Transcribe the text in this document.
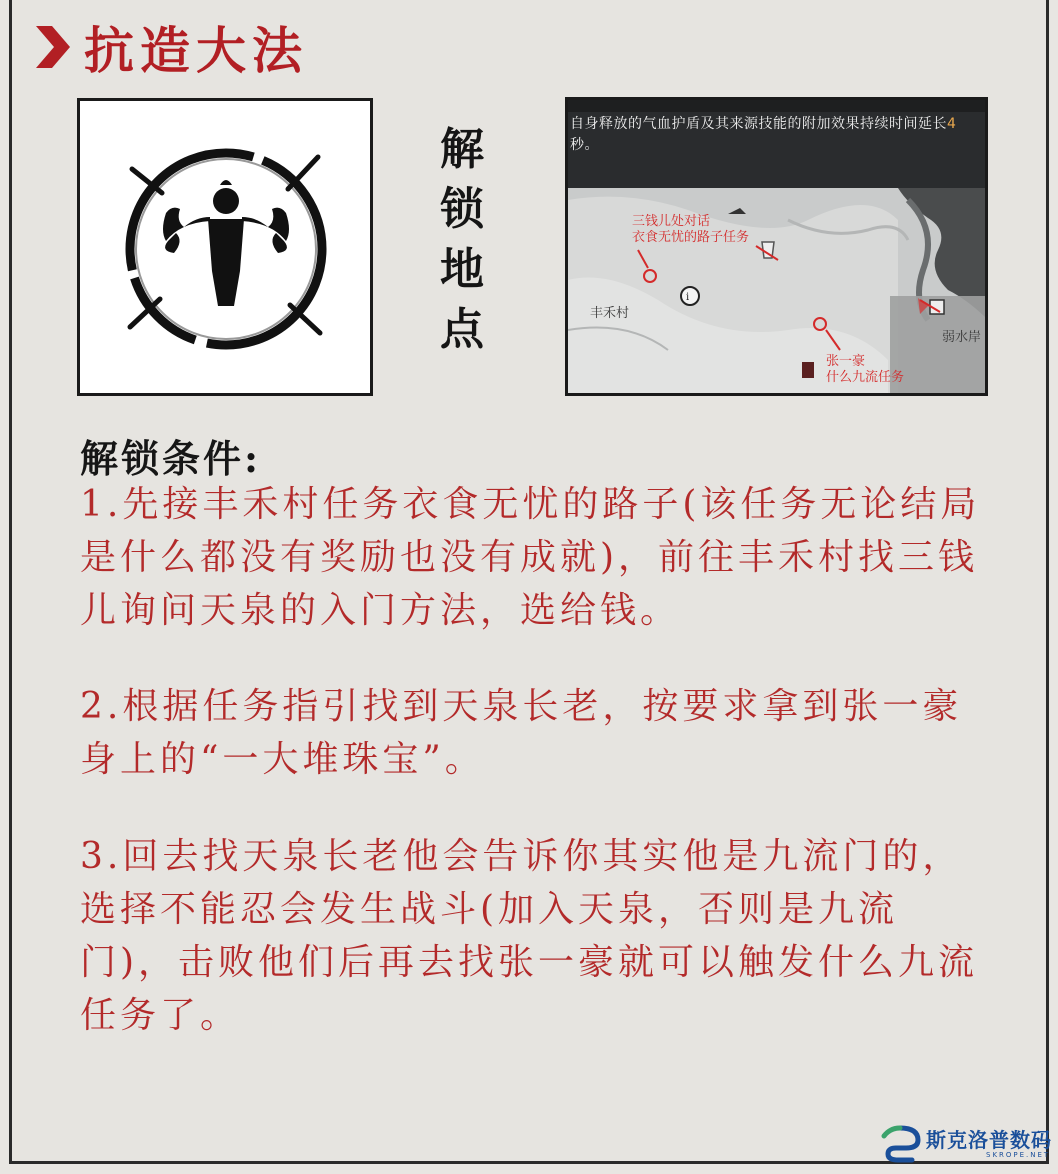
抗造大法
解
锁
地
点
i
自身释放的气血护盾及其来源技能的附加效果持续时间延长4秒。
三钱儿处对话
衣食无忧的路子任务
丰禾村
张一豪
什么九流任务
弱水岸
解锁条件:
1.先接丰禾村任务衣食无忧的路子(该任务无论结局是什么都没有奖励也没有成就)，前往丰禾村找三钱儿询问天泉的入门方法，选给钱。
2.根据任务指引找到天泉长老，按要求拿到张一豪身上的“一大堆珠宝”。
3.回去找天泉长老他会告诉你其实他是九流门的，选择不能忍会发生战斗(加入天泉，否则是九流门)，击败他们后再去找张一豪就可以触发什么九流任务了。
斯克洛普数码
SKROPE.NET
